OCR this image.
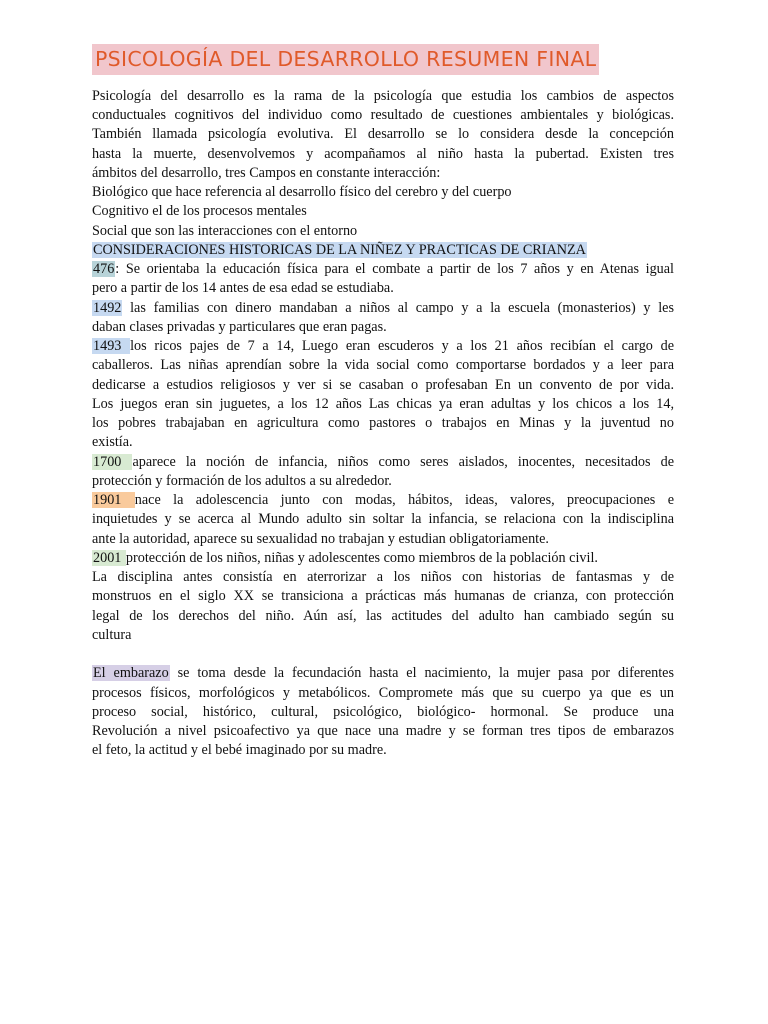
PSICOLOGÍA DEL DESARROLLO RESUMEN FINAL
Psicología del desarrollo es la rama de la psicología que estudia los cambios de aspectos
conductuales cognitivos del individuo como resultado de cuestiones ambientales y biológicas.
También llamada psicología evolutiva. El desarrollo se lo considera desde la concepción
hasta la muerte, desenvolvemos y acompañamos al niño hasta la pubertad. Existen tres
ámbitos del desarrollo, tres Campos en constante interacción:
Biológico que hace referencia al desarrollo físico del cerebro y del cuerpo
Cognitivo el de los procesos mentales
Social que son las interacciones con el entorno
CONSIDERACIONES HISTORICAS DE LA NIÑEZ Y PRACTICAS DE CRIANZA
476: Se orientaba la educación física para el combate a partir de los 7 años y en Atenas igual
pero a partir de los 14 antes de esa edad se estudiaba.
1492 las familias con dinero mandaban a niños al campo y a la escuela (monasterios) y les
daban clases privadas y particulares que eran pagas.
1493 los ricos pajes de 7 a 14, Luego eran escuderos y a los 21 años recibían el cargo de
caballeros. Las niñas aprendían sobre la vida social como comportarse bordados y a leer para
dedicarse a estudios religiosos y ver si se casaban o profesaban En un convento de por vida.
Los juegos eran sin juguetes, a los 12 años Las chicas ya eran adultas y los chicos a los 14,
los pobres trabajaban en agricultura como pastores o trabajos en Minas y la juventud no
existía.
1700 aparece la noción de infancia, niños como seres aislados, inocentes, necesitados de
protección y formación de los adultos a su alrededor.
1901 nace la adolescencia junto con modas, hábitos, ideas, valores, preocupaciones e
inquietudes y se acerca al Mundo adulto sin soltar la infancia, se relaciona con la indisciplina
ante la autoridad, aparece su sexualidad no trabajan y estudian obligatoriamente.
2001 protección de los niños, niñas y adolescentes como miembros de la población civil.
La disciplina antes consistía en aterrorizar a los niños con historias de fantasmas y de
monstruos en el siglo XX se transiciona a prácticas más humanas de crianza, con protección
legal de los derechos del niño. Aún así, las actitudes del adulto han cambiado según su
cultura
El embarazo se toma desde la fecundación hasta el nacimiento, la mujer pasa por diferentes
procesos físicos, morfológicos y metabólicos. Compromete más que su cuerpo ya que es un
proceso social, histórico, cultural, psicológico, biológico- hormonal. Se produce una
Revolución a nivel psicoafectivo ya que nace una madre y se forman tres tipos de embarazos
el feto, la actitud y el bebé imaginado por su madre.
